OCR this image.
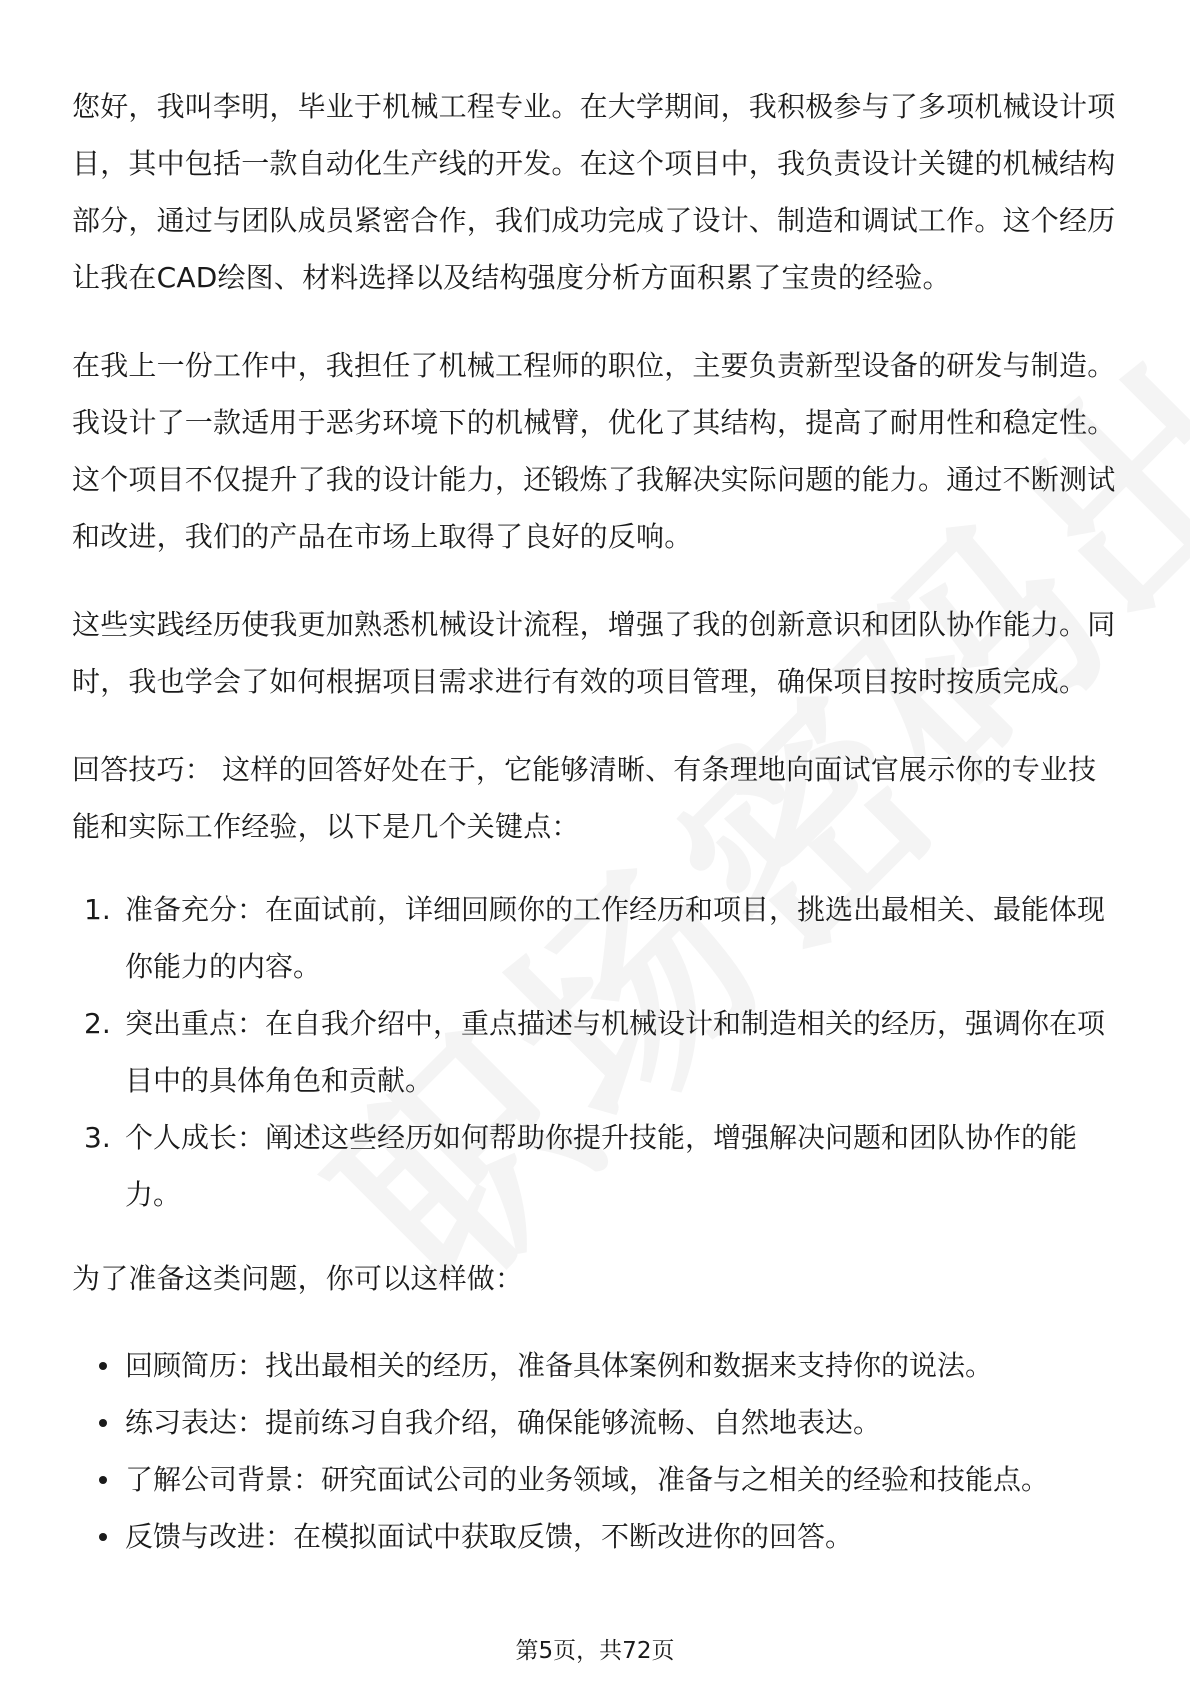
您好，我叫李明，毕业于机械工程专业。在大学期间，我积极参与了多项机械设计项目，其中包括一款自动化生产线的开发。在这个项目中，我负责设计关键的机械结构部分，通过与团队成员紧密合作，我们成功完成了设计、制造和调试工作。这个经历让我在CAD绘图、材料选择以及结构强度分析方面积累了宝贵的经验。

在我上一份工作中，我担任了机械工程师的职位，主要负责新型设备的研发与制造。我设计了一款适用于恶劣环境下的机械臂，优化了其结构，提高了耐用性和稳定性。这个项目不仅提升了我的设计能力，还锻炼了我解决实际问题的能力。通过不断测试和改进，我们的产品在市场上取得了良好的反响。

这些实践经历使我更加熟悉机械设计流程，增强了我的创新意识和团队协作能力。同时，我也学会了如何根据项目需求进行有效的项目管理，确保项目按时按质完成。

回答技巧： 这样的回答好处在于，它能够清晰、有条理地向面试官展示你的专业技能和实际工作经验，以下是几个关键点：

1. 准备充分：在面试前，详细回顾你的工作经历和项目，挑选出最相关、最能体现你能力的内容。
2. 突出重点：在自我介绍中，重点描述与机械设计和制造相关的经历，强调你在项目中的具体角色和贡献。
3. 个人成长：阐述这些经历如何帮助你提升技能，增强解决问题和团队协作的能力。

为了准备这类问题，你可以这样做：

回顾简历：找出最相关的经历，准备具体案例和数据来支持你的说法。
练习表达：提前练习自我介绍，确保能够流畅、自然地表达。
了解公司背景：研究面试公司的业务领域，准备与之相关的经验和技能点。
反馈与改进：在模拟面试中获取反馈，不断改进你的回答。
第5页，共72页
